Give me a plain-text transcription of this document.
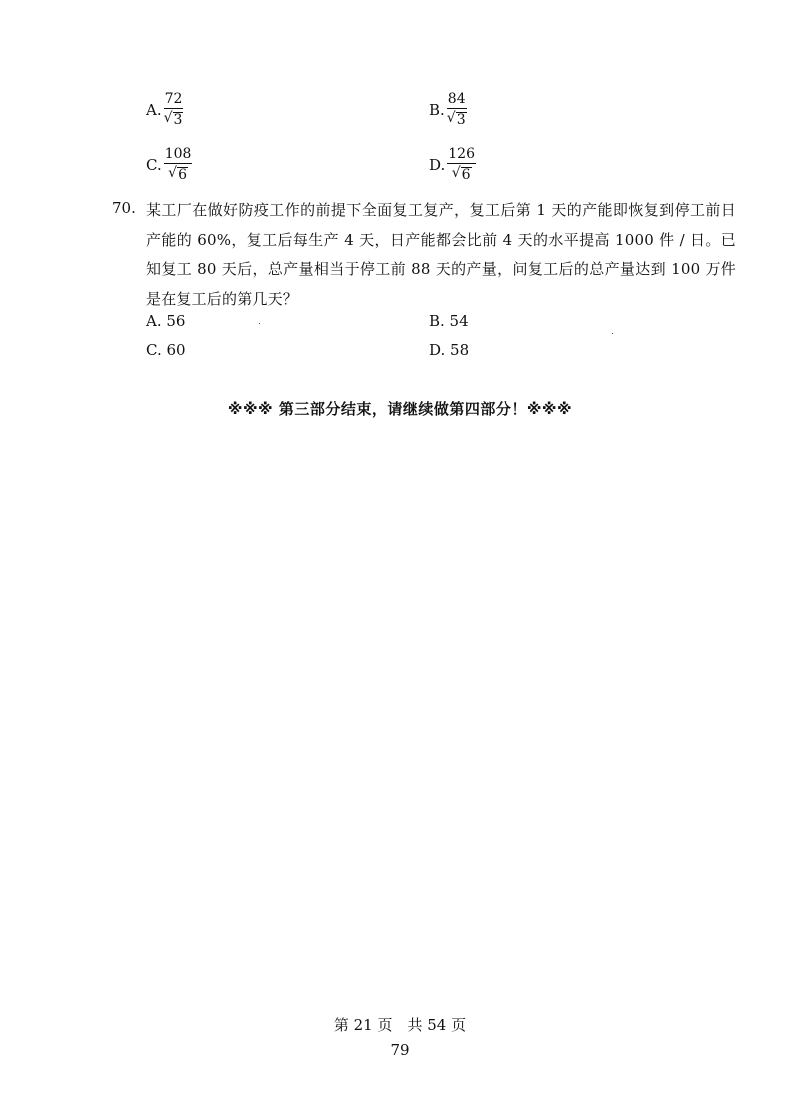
A. $\frac{72}{√ 3}$	B. $\frac{84}{√ 3}$
C. $\frac{108}{√ 6}$	D. $\frac{126}{√ 6}$
70. 某工厂在做好防疫工作的前提下全面复工复产，复工后第 1 天的产能即恢复到停工前日产能的 60%，复工后每生产 4 天，日产能都会比前 4 天的水平提高 1000 件 / 日。已知复工 80 天后，总产量相当于停工前 88 天的产量，问复工后的总产量达到 100 万件是在复工后的第几天？
A. 56	B. 54
C. 60	D. 58
※※※ 第三部分结束，请继续做第四部分！※※※
第 21 页　共 54 页
79
